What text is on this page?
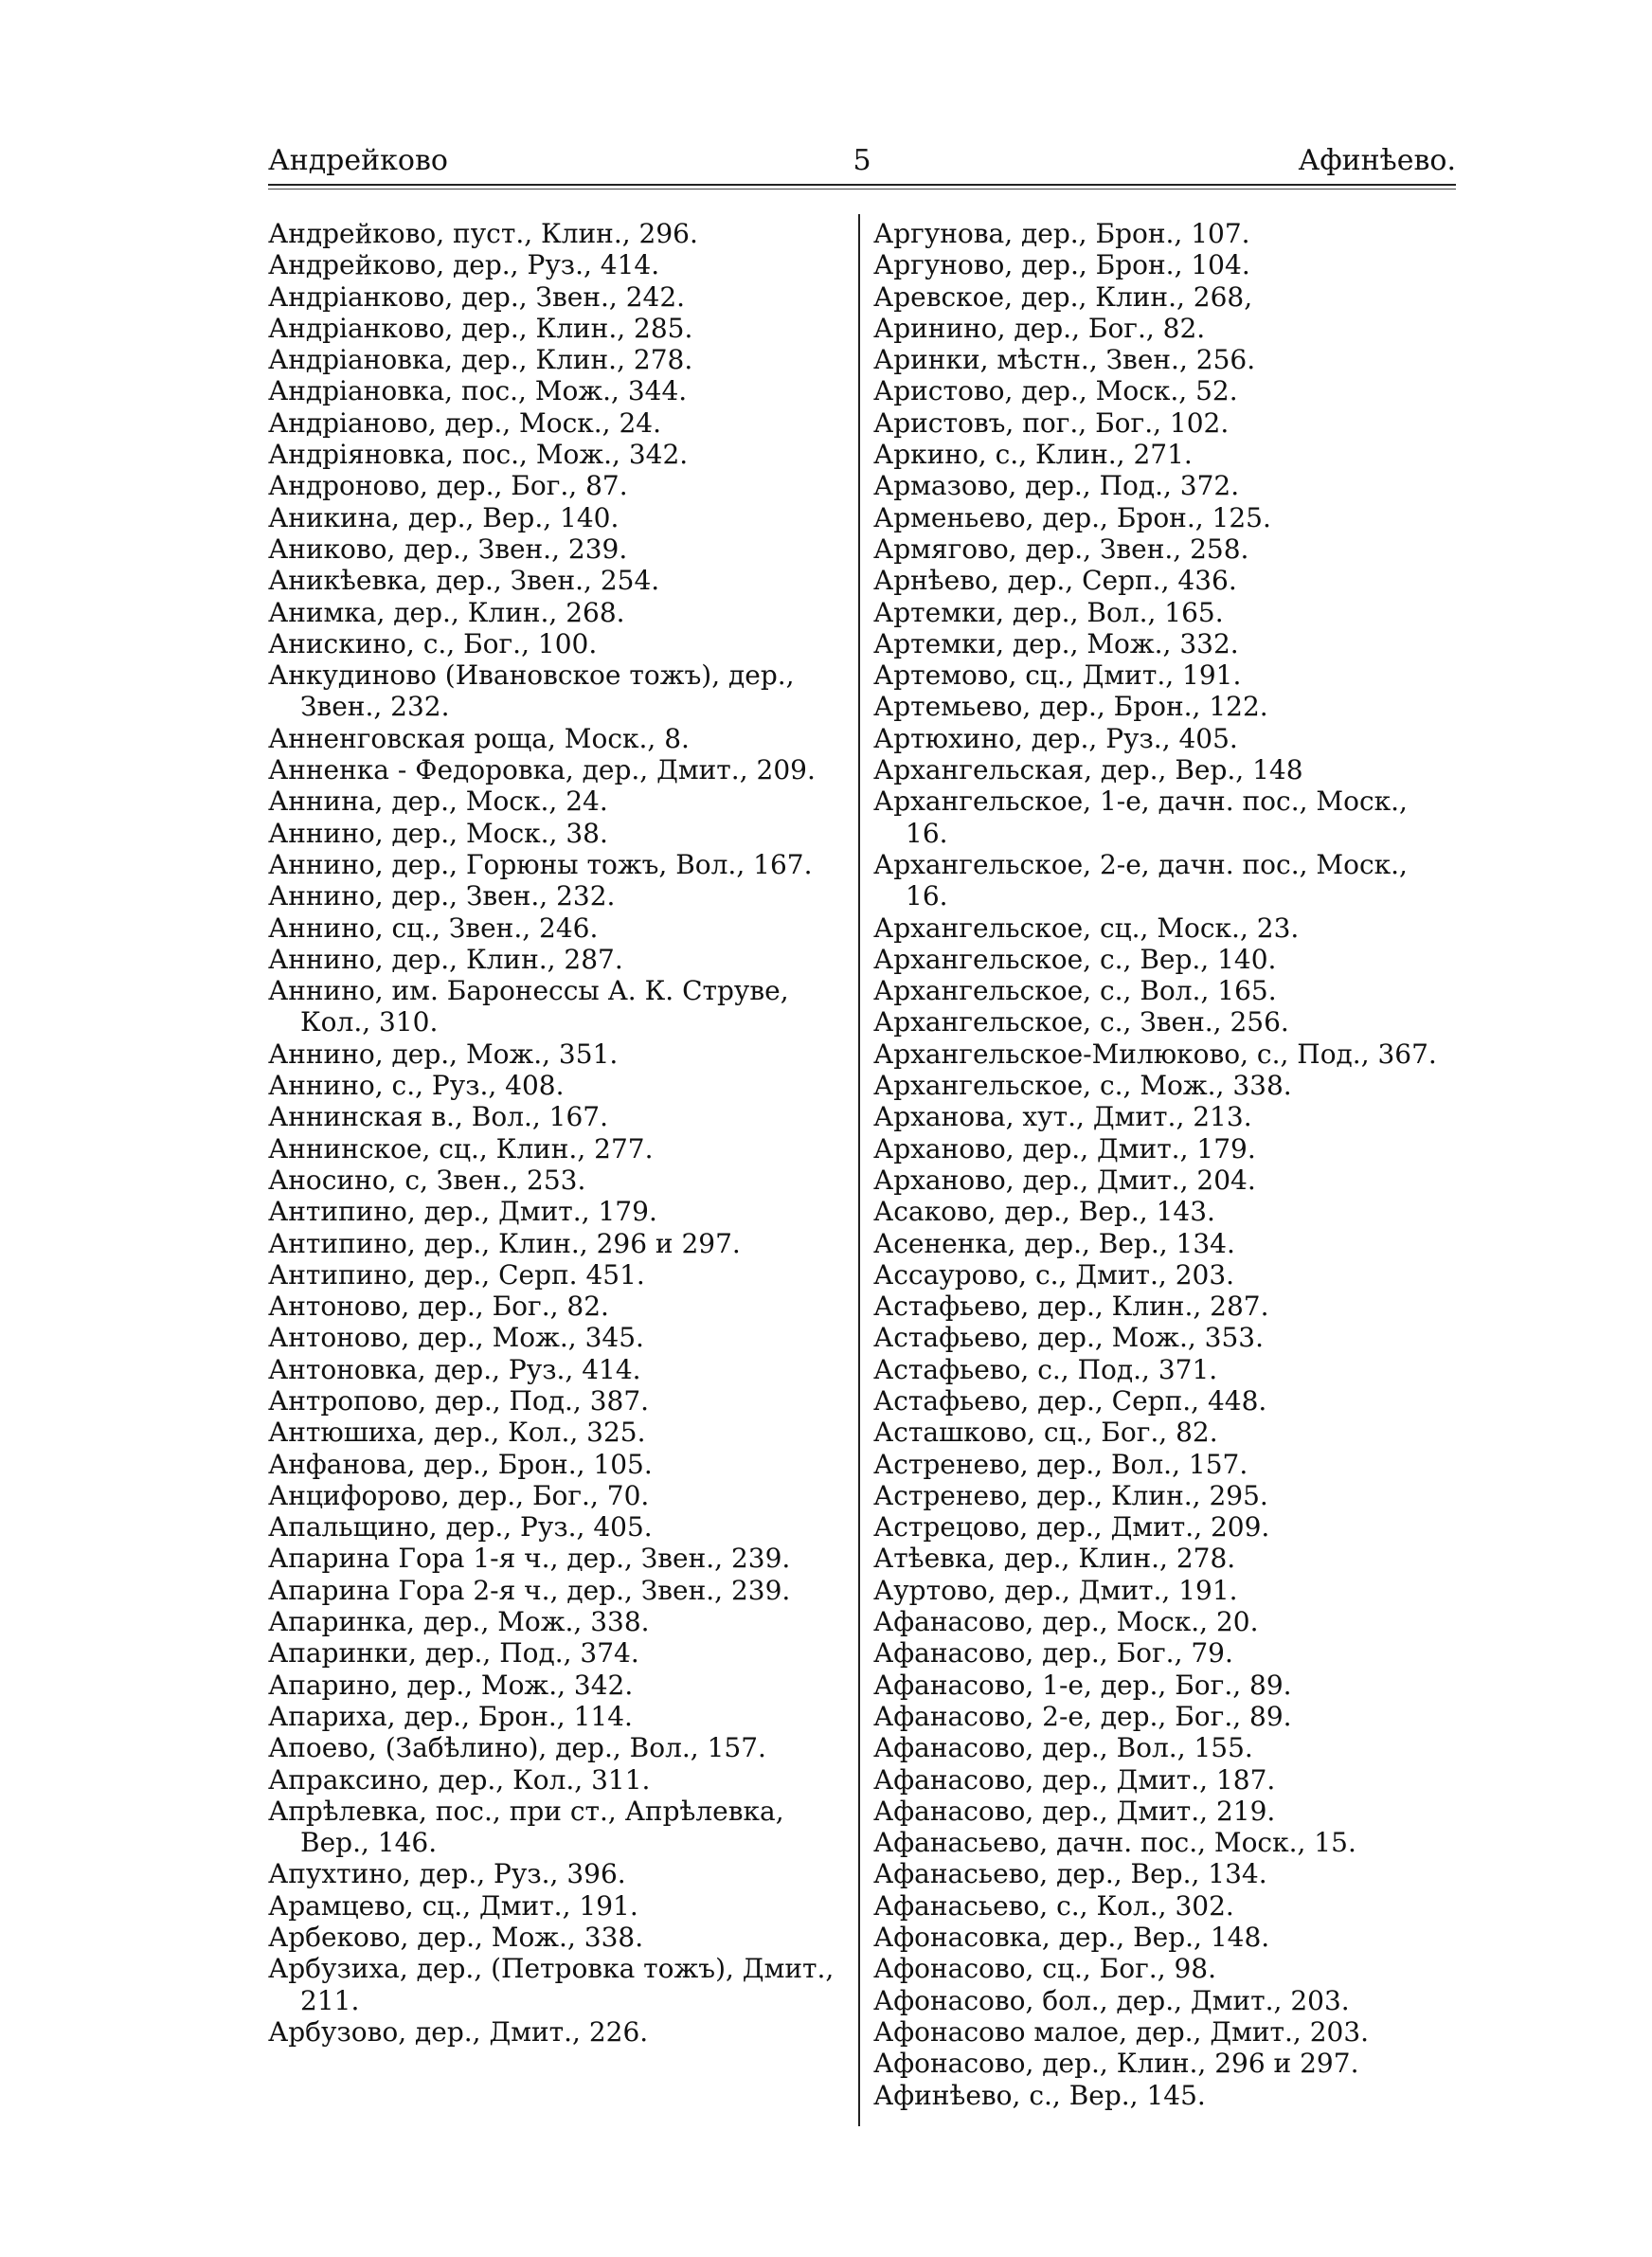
Андрейково	5	Афинѣево.
Андрейково, пуст., Клин., 296.
Андрейково, дер., Руз., 414.
Андріанково, дер., Звен., 242.
Андріанково, дер., Клин., 285.
Андріановка, дер., Клин., 278.
Андріановка, пос., Мож., 344.
Андріаново, дер., Моск., 24.
Андріяновка, пос., Мож., 342.
Андроново, дер., Бог., 87.
Аникина, дер., Вер., 140.
Аниково, дер., Звен., 239.
Аникѣевка, дер., Звен., 254.
Анимка, дер., Клин., 268.
Анискино, с., Бог., 100.
Анкудиново (Ивановское тожъ), дер., Звен., 232.
Анненговская роща, Моск., 8.
Анненка - Федоровка, дер., Дмит., 209.
Аннина, дер., Моск., 24.
Аннино, дер., Моск., 38.
Аннино, дер., Горюны тожъ, Вол., 167.
Аннино, дер., Звен., 232.
Аннино, сц., Звен., 246.
Аннино, дер., Клин., 287.
Аннино, им. Баронессы А. К. Струве, Кол., 310.
Аннино, дер., Мож., 351.
Аннино, с., Руз., 408.
Аннинская в., Вол., 167.
Аннинское, сц., Клин., 277.
Аносино, с, Звен., 253.
Антипино, дер., Дмит., 179.
Антипино, дер., Клин., 296 и 297.
Антипино, дер., Серп. 451.
Антоново, дер., Бог., 82.
Антоново, дер., Мож., 345.
Антоновка, дер., Руз., 414.
Антропово, дер., Под., 387.
Антюшиха, дер., Кол., 325.
Анфанова, дер., Брон., 105.
Анцифорово, дер., Бог., 70.
Апальщино, дер., Руз., 405.
Апарина Гора 1-я ч., дер., Звен., 239.
Апарина Гора 2-я ч., дер., Звен., 239.
Апаринка, дер., Мож., 338.
Апаринки, дер., Под., 374.
Апарино, дер., Мож., 342.
Апариха, дер., Брон., 114.
Апоево, (Забѣлино), дер., Вол., 157.
Апраксино, дер., Кол., 311.
Апрѣлевка, пос., при ст., Апрѣлевка, Вер., 146.
Апухтино, дер., Руз., 396.
Арамцево, сц., Дмит., 191.
Арбеково, дер., Мож., 338.
Арбузиха, дер., (Петровка тожъ), Дмит., 211.
Арбузово, дер., Дмит., 226.
Аргунова, дер., Брон., 107.
Аргуново, дер., Брон., 104.
Аревское, дер., Клин., 268,
Аринино, дер., Бог., 82.
Аринки, мѣстн., Звен., 256.
Аристово, дер., Моск., 52.
Аристовъ, пог., Бог., 102.
Аркино, с., Клин., 271.
Армазово, дер., Под., 372.
Арменьево, дер., Брон., 125.
Армягово, дер., Звен., 258.
Арнѣево, дер., Серп., 436.
Артемки, дер., Вол., 165.
Артемки, дер., Мож., 332.
Артемово, сц., Дмит., 191.
Артемьево, дер., Брон., 122.
Артюхино, дер., Руз., 405.
Архангельская, дер., Вер., 148
Архангельское, 1-е, дачн. пос., Моск., 16.
Архангельское, 2-е, дачн. пос., Моск., 16.
Архангельское, сц., Моск., 23.
Архангельское, с., Вер., 140.
Архангельское, с., Вол., 165.
Архангельское, с., Звен., 256.
Архангельское-Милюково, с., Под., 367.
Архангельское, с., Мож., 338.
Арханова, хут., Дмит., 213.
Арханово, дер., Дмит., 179.
Арханово, дер., Дмит., 204.
Асаково, дер., Вер., 143.
Асененка, дер., Вер., 134.
Ассаурово, с., Дмит., 203.
Астафьево, дер., Клин., 287.
Астафьево, дер., Мож., 353.
Астафьево, с., Под., 371.
Астафьево, дер., Серп., 448.
Асташково, сц., Бог., 82.
Астренево, дер., Вол., 157.
Астренево, дер., Клин., 295.
Астрецово, дер., Дмит., 209.
Атѣевка, дер., Клин., 278.
Ауртово, дер., Дмит., 191.
Афанасово, дер., Моск., 20.
Афанасово, дер., Бог., 79.
Афанасово, 1-е, дер., Бог., 89.
Афанасово, 2-е, дер., Бог., 89.
Афанасово, дер., Вол., 155.
Афанасово, дер., Дмит., 187.
Афанасово, дер., Дмит., 219.
Афанасьево, дачн. пос., Моск., 15.
Афанасьево, дер., Вер., 134.
Афанасьево, с., Кол., 302.
Афонасовка, дер., Вер., 148.
Афонасово, сц., Бог., 98.
Афонасово, бол., дер., Дмит., 203.
Афонасово малое, дер., Дмит., 203.
Афонасово, дер., Клин., 296 и 297.
Афинѣево, с., Вер., 145.
